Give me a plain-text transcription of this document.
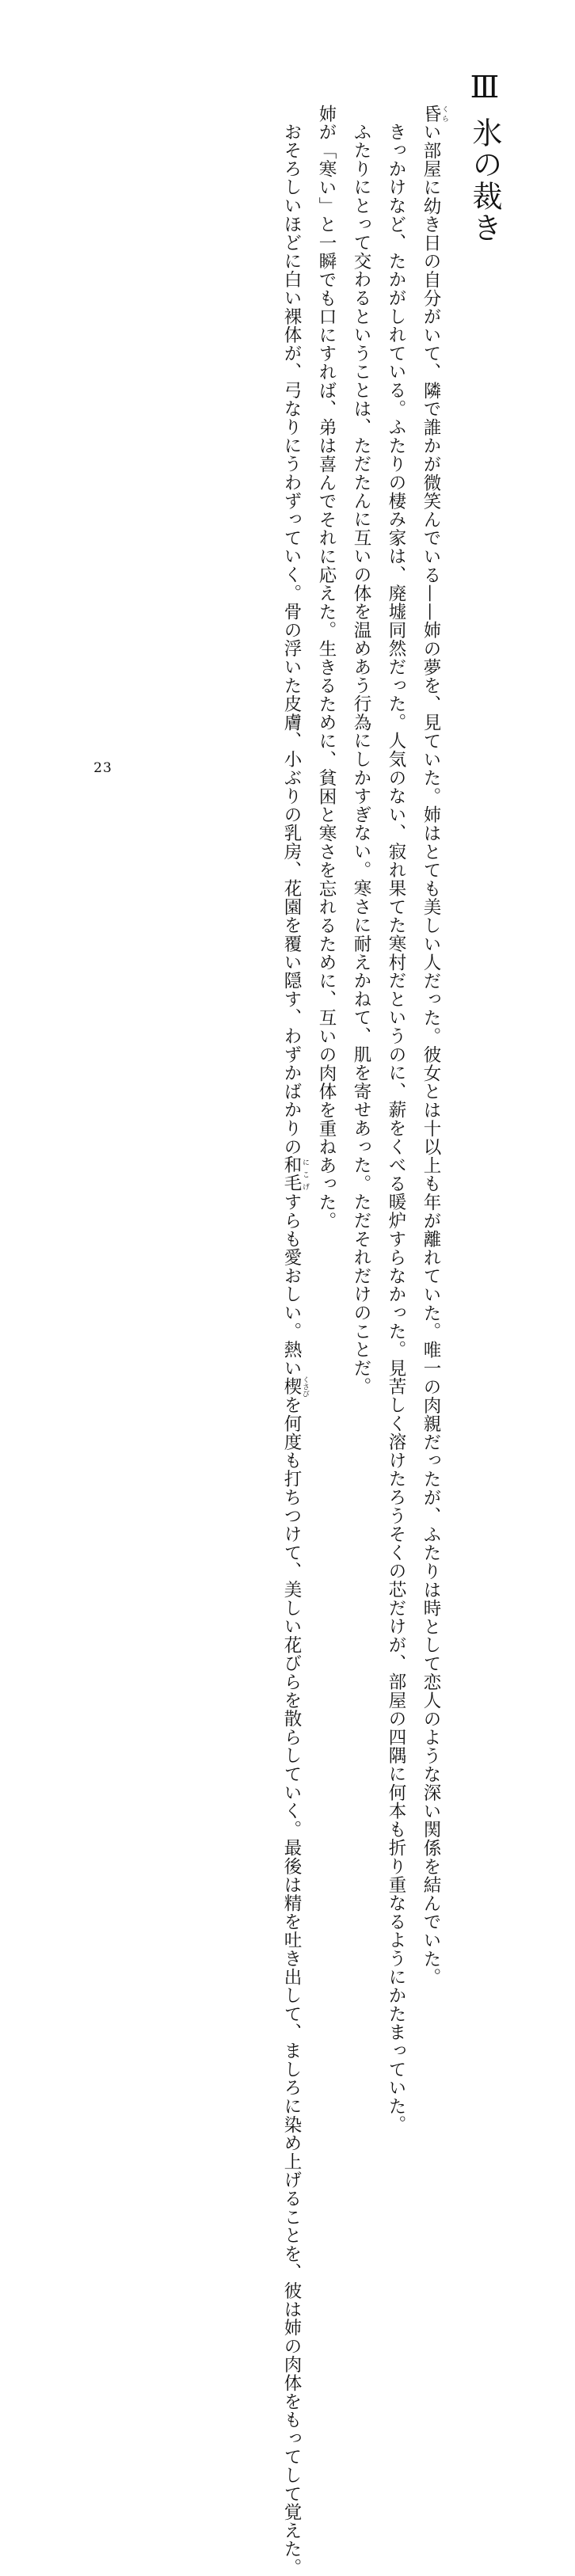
Ⅲ 氷の裁き

昏 くらい部屋に幼き日の自分がいて、隣で誰かが微笑んでいる——姉の夢を、見ていた。姉はとても美しい人だった。彼女とは十以上も年が離れていた。唯一の肉親だったが、ふたりは時として恋人のような深い関係を結んでいた。

きっかけなど、たかがしれている。ふたりの棲み家は、廃墟同然だった。人気のない、寂れ果てた寒村だというのに、薪をくべる暖炉すらなかった。見苦しく溶けたろうそくの芯だけが、部屋の四隅に何本も折り重なるようにかたまっていた。

ふたりにとって交わるということは、ただたんに互いの体を温めあう行為にしかすぎない。寒さに耐えかねて、肌を寄せあった。ただそれだけのことだ。

姉が「寒い」と一瞬でも口にすれば、弟は喜んでそれに応えた。生きるために、貧困と寒さを忘れるために、互いの肉体を重ねあった。

おそろしいほどに白い裸体が、弓なりにうわずっていく。骨の浮いた皮膚、小ぶりの乳房、花園を覆い隠す、わずかばかりの和毛 にこげすらも愛おしい。熱い楔 くさびを何度も打ちつけて、美しい花びらを散らしていく。最後は精を吐き出して、ましろに染め上げることを、彼は姉の肉体をもってして覚えた。

23
